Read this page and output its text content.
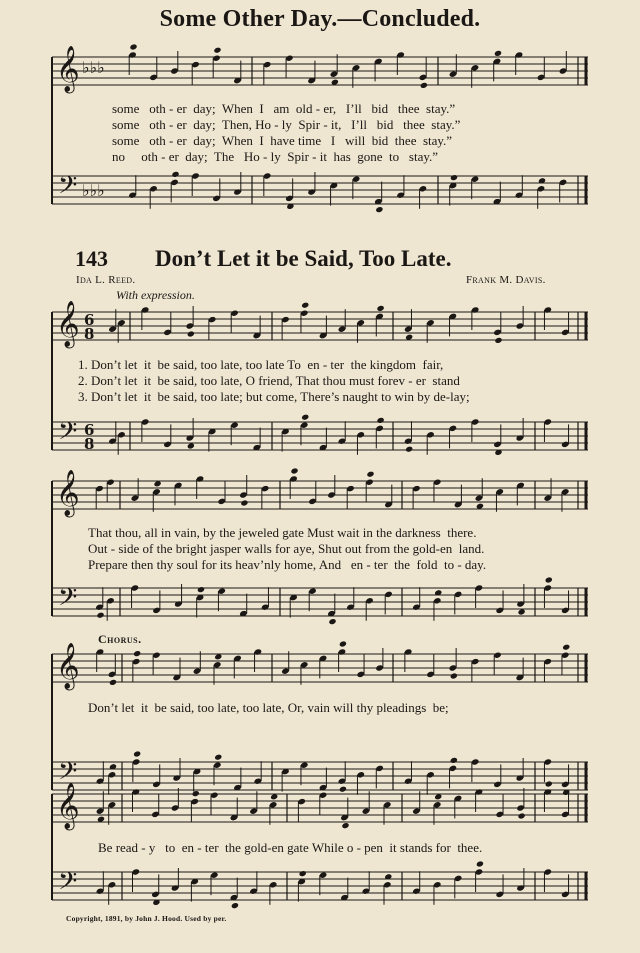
Some Other Day.—Concluded.
143 Don’t Let it be Said, Too Late.
Ida L. Reed.	Frank M. Davis.
With expression.
Chorus.
Copyright, 1891, by John J. Hood. Used by per.
some   oth - er  day;  When  I   am  old - er,   I’ll   bid   thee  stay.”
some   oth - er  day;  Then, Ho - ly  Spir - it,   I’ll   bid   thee  stay.”
some   oth - er  day;  When  I  have time   I   will  bid  thee  stay.”
no     oth - er  day;  The   Ho - ly  Spir - it  has  gone  to   stay.”
1. Don’t let  it  be said, too late, too late To  en - ter  the kingdom  fair,
2. Don’t let  it  be said, too late, O friend, That thou must forev - er  stand
3. Don’t let  it  be said, too late; but come, There’s naught to win by de-lay;
That thou, all in vain, by the jeweled gate Must wait in the darkness  there.
Out - side of the bright jasper walls for aye, Shut out from the gold-en  land.
Prepare then thy soul for its heav’nly home, And   en - ter  the  fold  to - day.
Don’t let  it  be said, too late, too late, Or, vain will thy pleadings  be;
Be read - y   to  en - ter  the gold-en gate While o - pen  it stands for  thee.
𝄞
𝄢
♭♭♭
♭♭♭
𝄞
𝄢
6
8
6
8
𝄞
𝄢
𝄞
𝄢
𝄞
𝄢
